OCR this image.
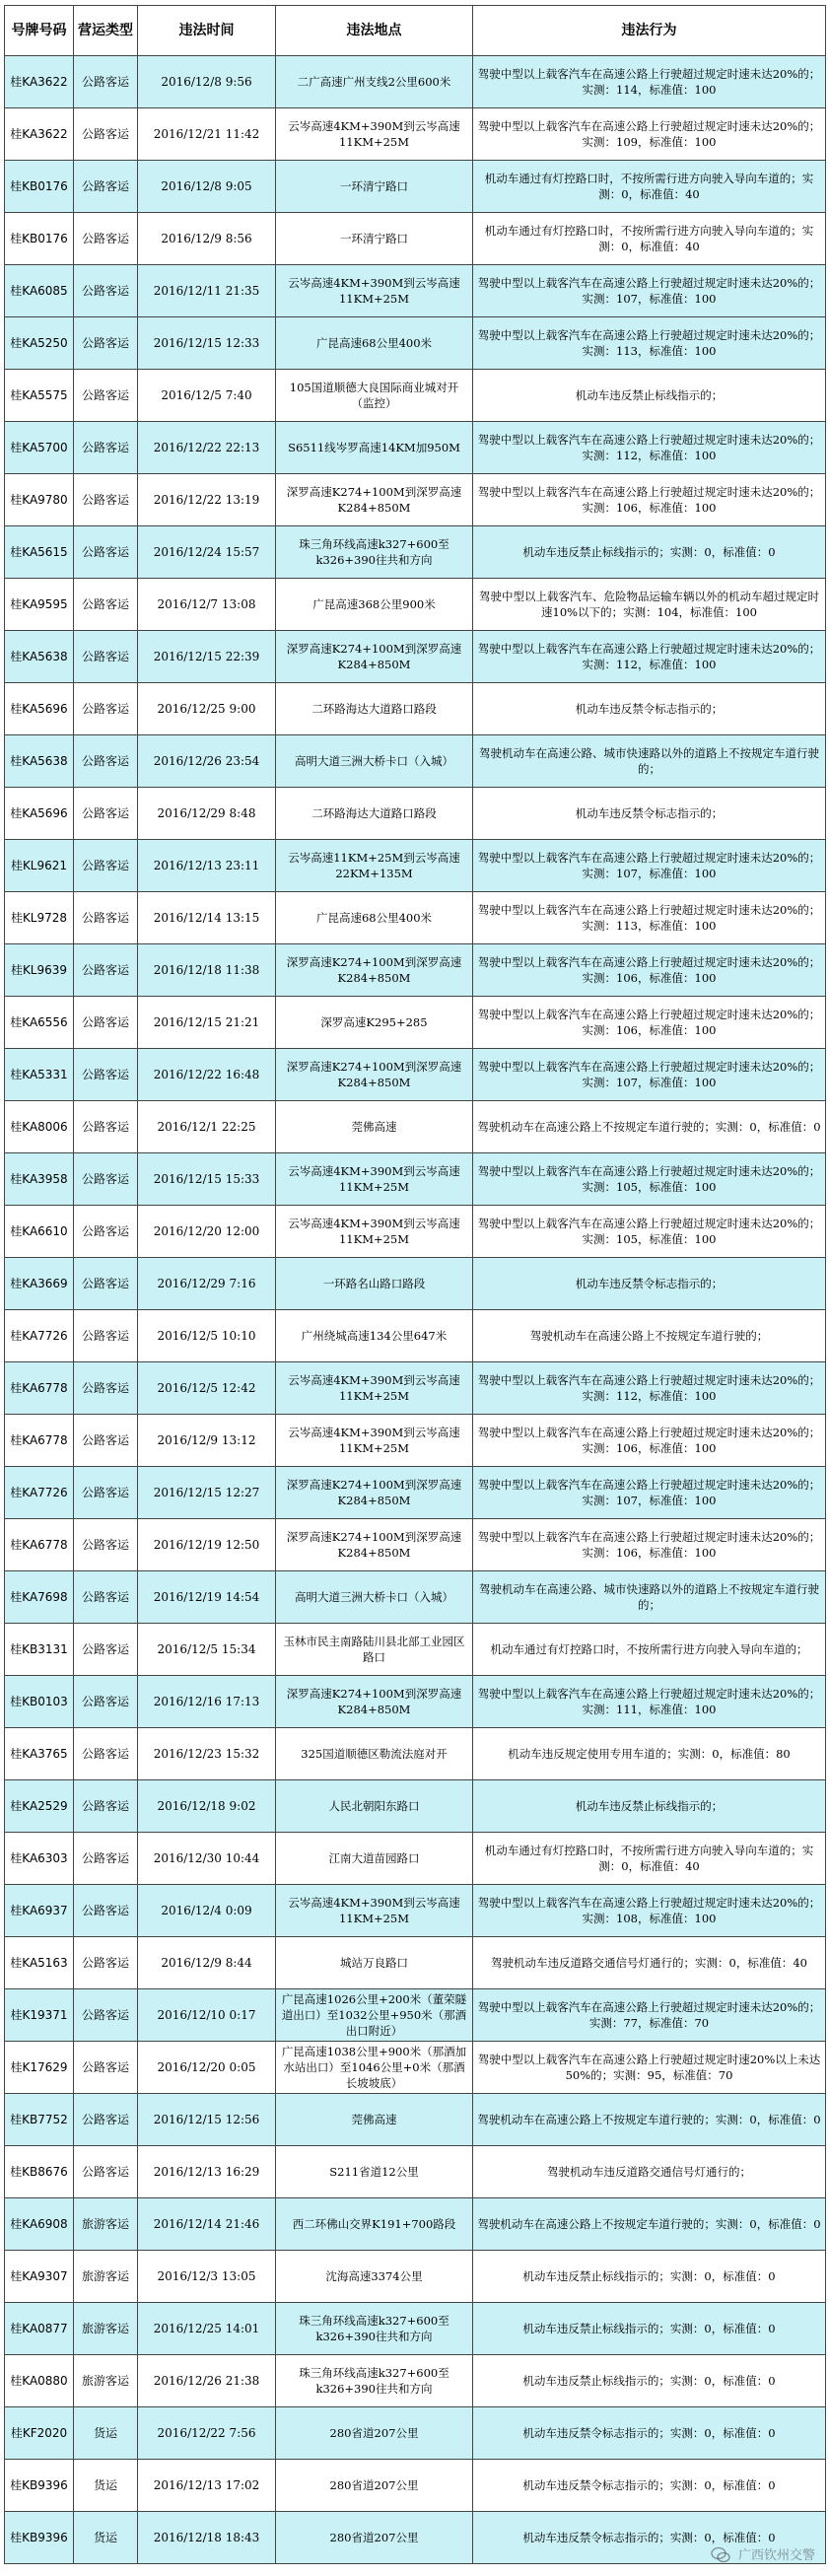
号牌号码	营运类型	违法时间	违法地点	违法行为
桂KA3622	公路客运	2016/12/8 9:56	二广高速广州支线2公里600米	驾驶中型以上载客汽车在高速公路上行驶超过规定时速未达20%的；实测：114，标准值：100
桂KA3622	公路客运	2016/12/21 11:42	云岑高速4KM+390M到云岑高速11KM+25M	驾驶中型以上载客汽车在高速公路上行驶超过规定时速未达20%的；实测：109，标准值：100
桂KB0176	公路客运	2016/12/8 9:05	一环清宁路口	机动车通过有灯控路口时，不按所需行进方向驶入导向车道的；实测：0，标准值：40
桂KB0176	公路客运	2016/12/9 8:56	一环清宁路口	机动车通过有灯控路口时，不按所需行进方向驶入导向车道的；实测：0，标准值：40
桂KA6085	公路客运	2016/12/11 21:35	云岑高速4KM+390M到云岑高速11KM+25M	驾驶中型以上载客汽车在高速公路上行驶超过规定时速未达20%的；实测：107，标准值：100
桂KA5250	公路客运	2016/12/15 12:33	广昆高速68公里400米	驾驶中型以上载客汽车在高速公路上行驶超过规定时速未达20%的；实测：113，标准值：100
桂KA5575	公路客运	2016/12/5 7:40	105国道顺德大良国际商业城对开（监控）	机动车违反禁止标线指示的；
桂KA5700	公路客运	2016/12/22 22:13	S6511线岑罗高速14KM加950M	驾驶中型以上载客汽车在高速公路上行驶超过规定时速未达20%的；实测：112，标准值：100
桂KA9780	公路客运	2016/12/22 13:19	深罗高速K274+100M到深罗高速K284+850M	驾驶中型以上载客汽车在高速公路上行驶超过规定时速未达20%的；实测：106，标准值：100
桂KA5615	公路客运	2016/12/24 15:57	珠三角环线高速k327+600至k326+390往共和方向	机动车违反禁止标线指示的；实测：0，标准值：0
桂KA9595	公路客运	2016/12/7 13:08	广昆高速368公里900米	驾驶中型以上载客汽车、危险物品运输车辆以外的机动车超过规定时速10%以下的；实测：104，标准值：100
桂KA5638	公路客运	2016/12/15 22:39	深罗高速K274+100M到深罗高速K284+850M	驾驶中型以上载客汽车在高速公路上行驶超过规定时速未达20%的；实测：112，标准值：100
桂KA5696	公路客运	2016/12/25 9:00	二环路海达大道路口路段	机动车违反禁令标志指示的；
桂KA5638	公路客运	2016/12/26 23:54	高明大道三洲大桥卡口（入城）	驾驶机动车在高速公路、城市快速路以外的道路上不按规定车道行驶的；
桂KA5696	公路客运	2016/12/29 8:48	二环路海达大道路口路段	机动车违反禁令标志指示的；
桂KL9621	公路客运	2016/12/13 23:11	云岑高速11KM+25M到云岑高速22KM+135M	驾驶中型以上载客汽车在高速公路上行驶超过规定时速未达20%的；实测：107，标准值：100
桂KL9728	公路客运	2016/12/14 13:15	广昆高速68公里400米	驾驶中型以上载客汽车在高速公路上行驶超过规定时速未达20%的；实测：113，标准值：100
桂KL9639	公路客运	2016/12/18 11:38	深罗高速K274+100M到深罗高速K284+850M	驾驶中型以上载客汽车在高速公路上行驶超过规定时速未达20%的；实测：106，标准值：100
桂KA6556	公路客运	2016/12/15 21:21	深罗高速K295+285	驾驶中型以上载客汽车在高速公路上行驶超过规定时速未达20%的；实测：106，标准值：100
桂KA5331	公路客运	2016/12/22 16:48	深罗高速K274+100M到深罗高速K284+850M	驾驶中型以上载客汽车在高速公路上行驶超过规定时速未达20%的；实测：107，标准值：100
桂KA8006	公路客运	2016/12/1 22:25	莞佛高速	驾驶机动车在高速公路上不按规定车道行驶的；实测：0，标准值：0
桂KA3958	公路客运	2016/12/15 15:33	云岑高速4KM+390M到云岑高速11KM+25M	驾驶中型以上载客汽车在高速公路上行驶超过规定时速未达20%的；实测：105，标准值：100
桂KA6610	公路客运	2016/12/20 12:00	云岑高速4KM+390M到云岑高速11KM+25M	驾驶中型以上载客汽车在高速公路上行驶超过规定时速未达20%的；实测：105，标准值：100
桂KA3669	公路客运	2016/12/29 7:16	一环路名山路口路段	机动车违反禁令标志指示的；
桂KA7726	公路客运	2016/12/5 10:10	广州绕城高速134公里647米	驾驶机动车在高速公路上不按规定车道行驶的；
桂KA6778	公路客运	2016/12/5 12:42	云岑高速4KM+390M到云岑高速11KM+25M	驾驶中型以上载客汽车在高速公路上行驶超过规定时速未达20%的；实测：112，标准值：100
桂KA6778	公路客运	2016/12/9 13:12	云岑高速4KM+390M到云岑高速11KM+25M	驾驶中型以上载客汽车在高速公路上行驶超过规定时速未达20%的；实测：106，标准值：100
桂KA7726	公路客运	2016/12/15 12:27	深罗高速K274+100M到深罗高速K284+850M	驾驶中型以上载客汽车在高速公路上行驶超过规定时速未达20%的；实测：107，标准值：100
桂KA6778	公路客运	2016/12/19 12:50	深罗高速K274+100M到深罗高速K284+850M	驾驶中型以上载客汽车在高速公路上行驶超过规定时速未达20%的；实测：106，标准值：100
桂KA7698	公路客运	2016/12/19 14:54	高明大道三洲大桥卡口（入城）	驾驶机动车在高速公路、城市快速路以外的道路上不按规定车道行驶的；
桂KB3131	公路客运	2016/12/5 15:34	玉林市民主南路陆川县北部工业园区路口	机动车通过有灯控路口时，不按所需行进方向驶入导向车道的；
桂KB0103	公路客运	2016/12/16 17:13	深罗高速K274+100M到深罗高速K284+850M	驾驶中型以上载客汽车在高速公路上行驶超过规定时速未达20%的；实测：111，标准值：100
桂KA3765	公路客运	2016/12/23 15:32	325国道顺德区勒流法庭对开	机动车违反规定使用专用车道的；实测：0，标准值：80
桂KA2529	公路客运	2016/12/18 9:02	人民北朝阳东路口	机动车违反禁止标线指示的；
桂KA6303	公路客运	2016/12/30 10:44	江南大道苗园路口	机动车通过有灯控路口时，不按所需行进方向驶入导向车道的；实测：0，标准值：40
桂KA6937	公路客运	2016/12/4 0:09	云岑高速4KM+390M到云岑高速11KM+25M	驾驶中型以上载客汽车在高速公路上行驶超过规定时速未达20%的；实测：108，标准值：100
桂KA5163	公路客运	2016/12/9 8:44	城站万良路口	驾驶机动车违反道路交通信号灯通行的；实测：0，标准值：40
桂K19371	公路客运	2016/12/10 0:17	广昆高速1026公里+200米（董荣隧道出口）至1032公里+950米（那酒出口附近）	驾驶中型以上载客汽车在高速公路上行驶超过规定时速未达20%的；实测：77，标准值：70
桂K17629	公路客运	2016/12/20 0:05	广昆高速1038公里+900米（那酒加水站出口）至1046公里+0米（那酒长坡坡底）	驾驶中型以上载客汽车在高速公路上行驶超过规定时速20%以上未达50%的；实测：95，标准值：70
桂KB7752	公路客运	2016/12/15 12:56	莞佛高速	驾驶机动车在高速公路上不按规定车道行驶的；实测：0，标准值：0
桂KB8676	公路客运	2016/12/13 16:29	S211省道12公里	驾驶机动车违反道路交通信号灯通行的；
桂KA6908	旅游客运	2016/12/14 21:46	西二环佛山交界K191+700路段	驾驶机动车在高速公路上不按规定车道行驶的；实测：0，标准值：0
桂KA9307	旅游客运	2016/12/3 13:05	沈海高速3374公里	机动车违反禁止标线指示的；实测：0，标准值：0
桂KA0877	旅游客运	2016/12/25 14:01	珠三角环线高速k327+600至k326+390往共和方向	机动车违反禁止标线指示的；实测：0，标准值：0
桂KA0880	旅游客运	2016/12/26 21:38	珠三角环线高速k327+600至k326+390往共和方向	机动车违反禁止标线指示的；实测：0，标准值：0
桂KF2020	货运	2016/12/22 7:56	280省道207公里	机动车违反禁令标志指示的；实测：0，标准值：0
桂KB9396	货运	2016/12/13 17:02	280省道207公里	机动车违反禁令标志指示的；实测：0，标准值：0
桂KB9396	货运	2016/12/18 18:43	280省道207公里	机动车违反禁令标志指示的；实测：0，标准值：0
广西钦州交警
